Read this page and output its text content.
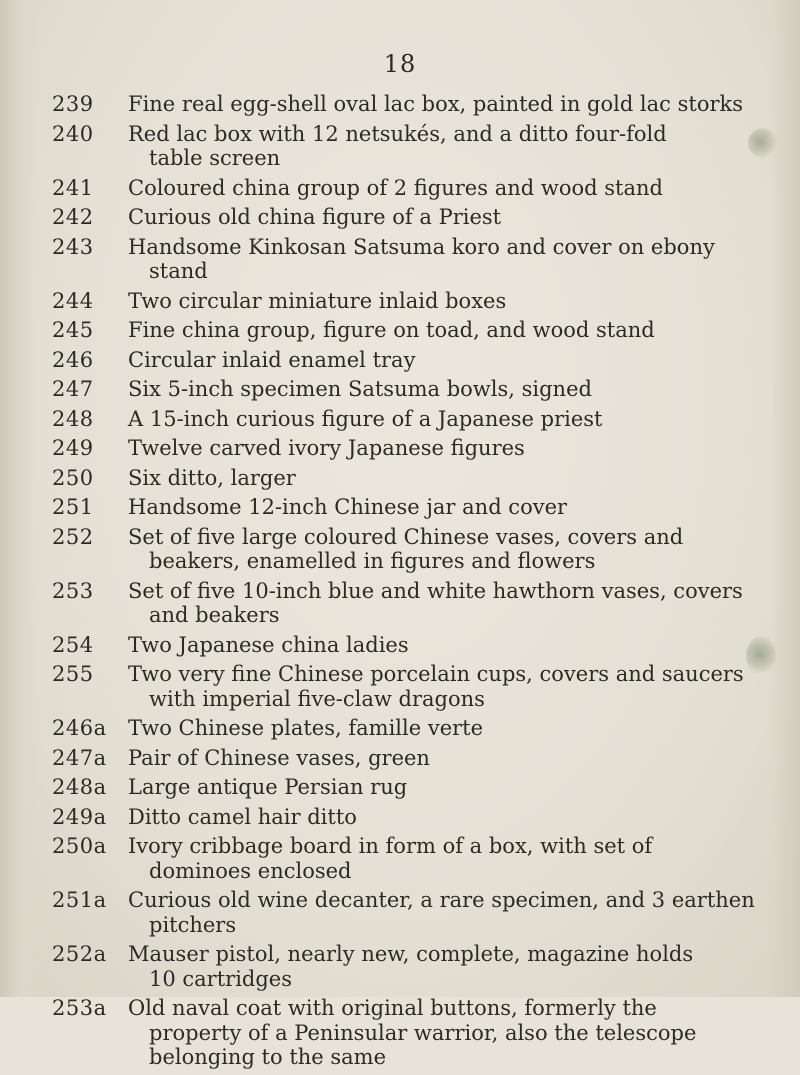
18
239	Fine real egg-shell oval lac box, painted in gold lac storks
240	Red lac box with 12 netsukés, and a ditto four-fold
table screen
241	Coloured china group of 2 figures and wood stand
242	Curious old china figure of a Priest
243	Handsome Kinkosan Satsuma koro and cover on ebony
stand
244	Two circular miniature inlaid boxes
245	Fine china group, figure on toad, and wood stand
246	Circular inlaid enamel tray
247	Six 5-inch specimen Satsuma bowls, signed
248	A 15-inch curious figure of a Japanese priest
249	Twelve carved ivory Japanese figures
250	Six ditto, larger
251	Handsome 12-inch Chinese jar and cover
252	Set of five large coloured Chinese vases, covers and
beakers, enamelled in figures and flowers
253	Set of five 10-inch blue and white hawthorn vases, covers
and beakers
254	Two Japanese china ladies
255	Two very fine Chinese porcelain cups, covers and saucers
with imperial five-claw dragons
246a	Two Chinese plates, famille verte
247a	Pair of Chinese vases, green
248a	Large antique Persian rug
249a	Ditto camel hair ditto
250a	Ivory cribbage board in form of a box, with set of
dominoes enclosed
251a	Curious old wine decanter, a rare specimen, and 3 earthen
pitchers
252a	Mauser pistol, nearly new, complete, magazine holds
10 cartridges
253a	Old naval coat with original buttons, formerly the
property of a Peninsular warrior, also the telescope
belonging to the same
